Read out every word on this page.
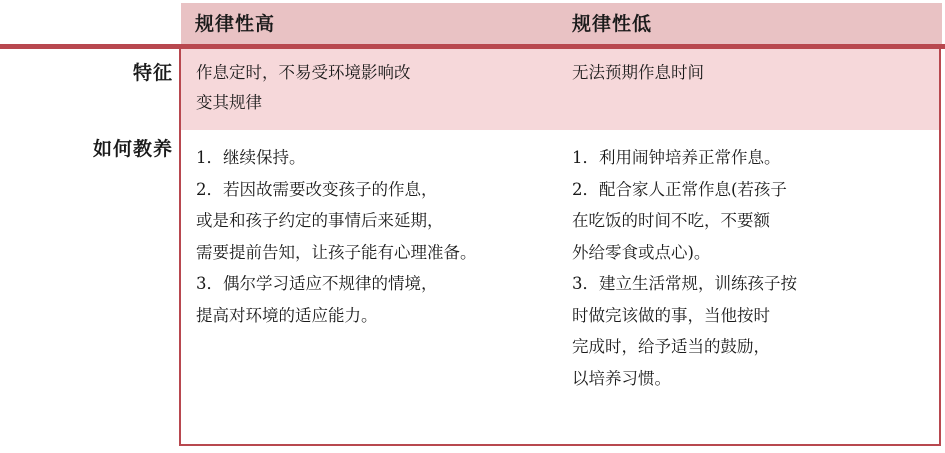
规律性高	规律性低
特征
如何教养
作息定时，不易受环境影响改
变其规律
无法预期作息时间
1．继续保持。
2．若因故需要改变孩子的作息，
或是和孩子约定的事情后来延期，
需要提前告知，让孩子能有心理准备。
3．偶尔学习适应不规律的情境，
提高对环境的适应能力。
1．利用闹钟培养正常作息。
2．配合家人正常作息(若孩子
在吃饭的时间不吃，不要额
外给零食或点心)。
3．建立生活常规，训练孩子按
时做完该做的事，当他按时
完成时，给予适当的鼓励，
以培养习惯。
